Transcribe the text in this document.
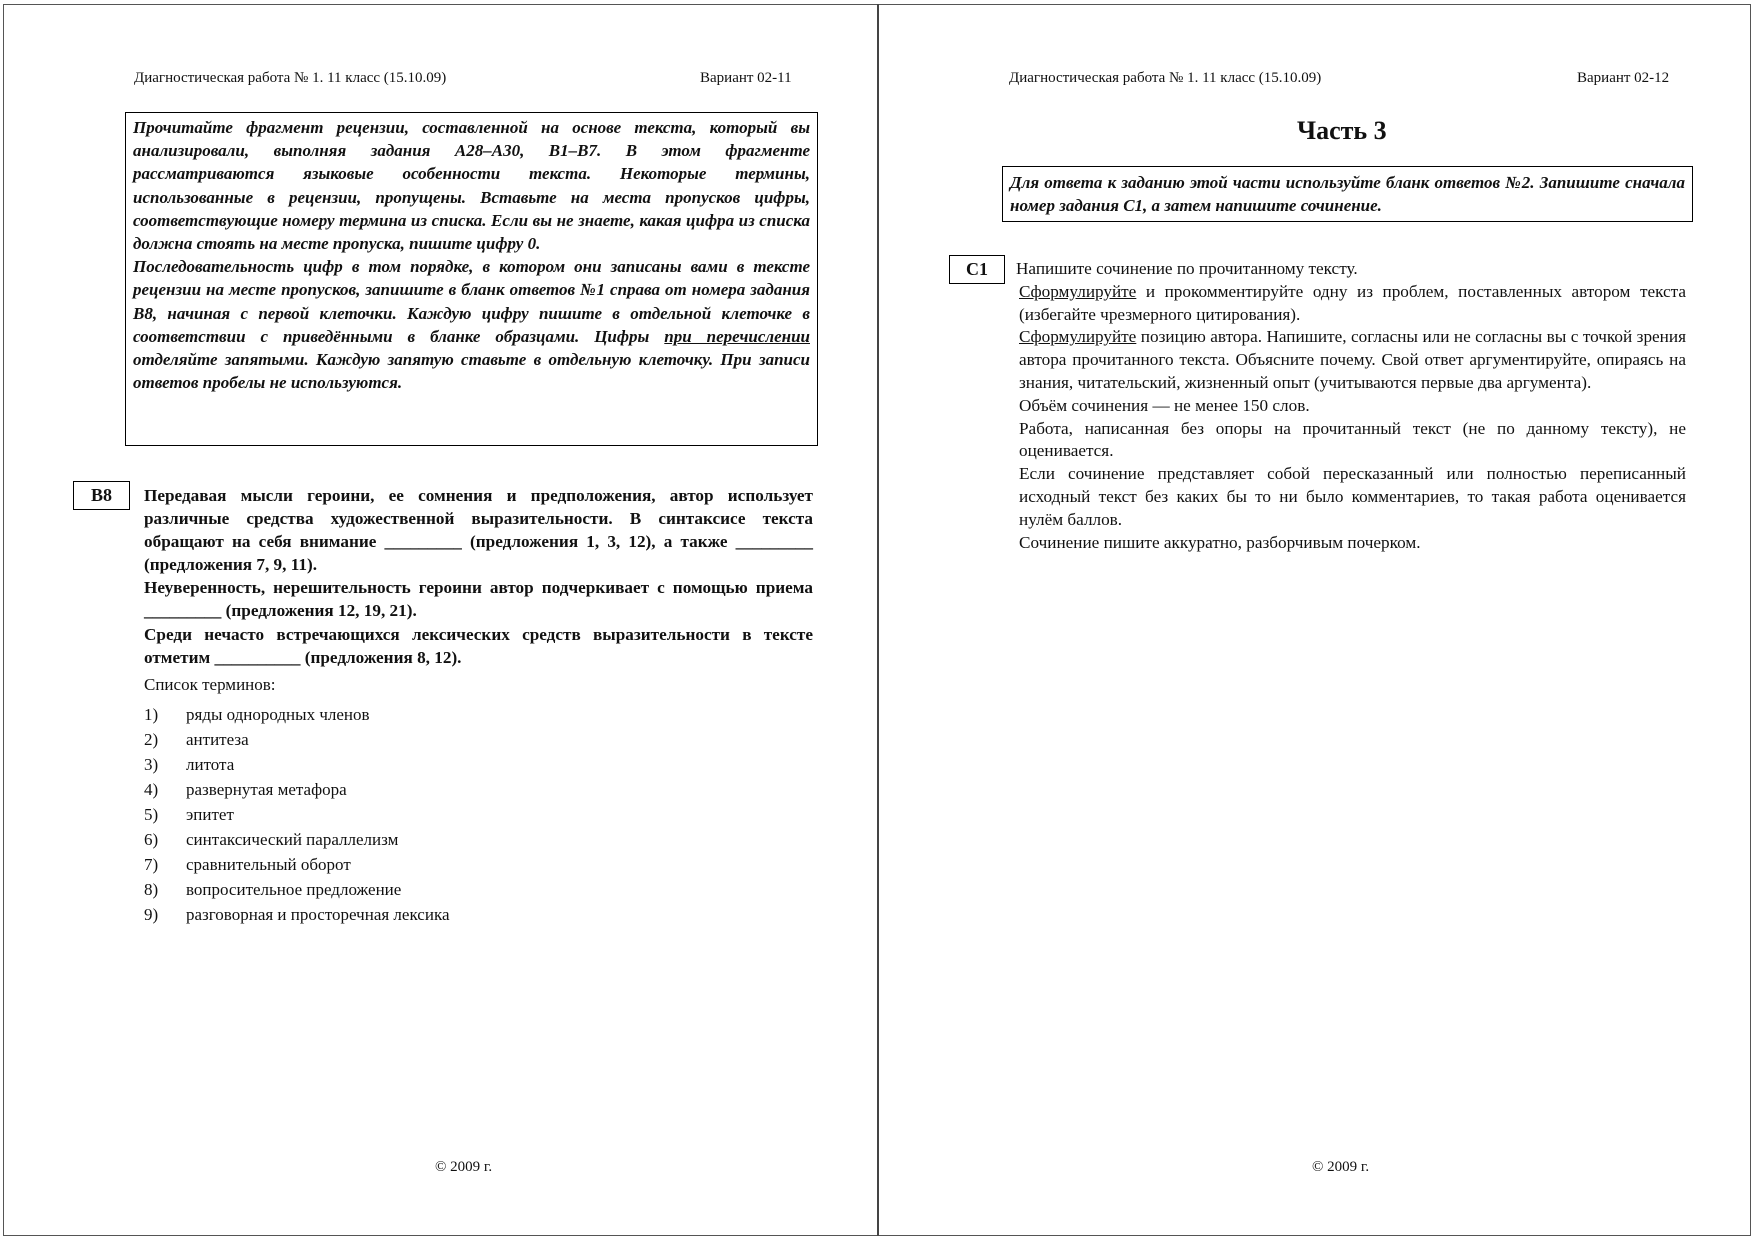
Диагностическая работа № 1. 11 класс (15.10.09)	Вариант 02-11

Прочитайте фрагмент рецензии, составленной на основе текста, который вы анализировали, выполняя задания А28–А30, В1–В7. В этом фрагменте рассматриваются языковые особенности текста. Некоторые термины, использованные в рецензии, пропущены. Вставьте на места пропусков цифры, соответствующие номеру термина из списка. Если вы не знаете, какая цифра из списка должна стоять на месте пропуска, пишите цифру 0.

Последовательность цифр в том порядке, в котором они записаны вами в тексте рецензии на месте пропусков, запишите в бланк ответов №1 справа от номера задания В8, начиная с первой клеточки. Каждую цифру пишите в отдельной клеточке в соответствии с приведёнными в бланке образцами. Цифры при перечислении отделяйте запятыми. Каждую запятую ставьте в отдельную клеточку. При записи ответов пробелы не используются.

В8	Передавая мысли героини, ее сомнения и предположения, автор использует различные средства художественной выразительности. В синтаксисе текста обращают на себя внимание _________ (предложения 1, 3, 12), а также _________ (предложения 7, 9, 11).

Неуверенность, нерешительность героини автор подчеркивает с помощью приема _________ (предложения 12, 19, 21).

Среди нечасто встречающихся лексических средств выразительности в тексте отметим __________ (предложения 8, 12).

Список терминов:

1) ряды однородных членов
2) антитеза
3) литота
4) развернутая метафора
5) эпитет
6) синтаксический параллелизм
7) сравнительный оборот
8) вопросительное предложение
9) разговорная и просторечная лексика
© 2009 г.
Диагностическая работа № 1. 11 класс (15.10.09)	Вариант 02-12
Часть 3
Для ответа к заданию этой части используйте бланк ответов №2. Запишите сначала номер задания С1, а затем напишите сочинение.
С1	Напишите сочинение по прочитанному тексту.

Сформулируйте и прокомментируйте одну из проблем, поставленных автором текста (избегайте чрезмерного цитирования).

Сформулируйте позицию автора. Напишите, согласны или не согласны вы с точкой зрения автора прочитанного текста. Объясните почему. Свой ответ аргументируйте, опираясь на знания, читательский, жизненный опыт (учитываются первые два аргумента).

Объём сочинения — не менее 150 слов.

Работа, написанная без опоры на прочитанный текст (не по данному тексту), не оценивается.

Если сочинение представляет собой пересказанный или полностью переписанный исходный текст без каких бы то ни было комментариев, то такая работа оценивается нулём баллов.

Сочинение пишите аккуратно, разборчивым почерком.

© 2009 г.
